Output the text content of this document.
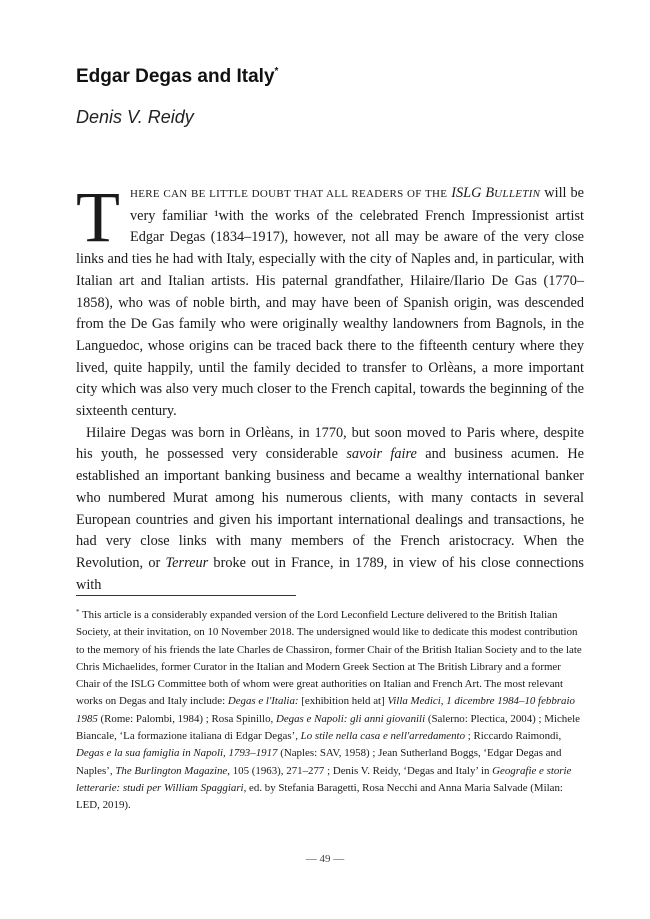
Edgar Degas and Italy*
Denis V. Reidy

THERE CAN BE LITTLE DOUBT THAT ALL READERS OF THE ISLG BULLETIN will be very familiar ¹with the works of the celebrated French Impressionist artist Edgar Degas (1834–1917), however, not all may be aware of the very close links and ties he had with Italy, especially with the city of Naples and, in particular, with Italian art and Italian artists. His paternal grandfather, Hilaire/Ilario De Gas (1770–1858), who was of noble birth, and may have been of Spanish origin, was descended from the De Gas family who were originally wealthy landowners from Bagnols, in the Languedoc, whose origins can be traced back there to the fifteenth century where they lived, quite happily, until the family decided to transfer to Orlèans, a more important city which was also very much closer to the French capital, towards the beginning of the sixteenth century.

Hilaire Degas was born in Orlèans, in 1770, but soon moved to Paris where, despite his youth, he possessed very considerable savoir faire and business acumen. He established an important banking business and became a wealthy international banker who numbered Murat among his numerous clients, with many contacts in several European countries and given his important international dealings and transactions, he had very close links with many members of the French aristocracy. When the Revolution, or Terreur broke out in France, in 1789, in view of his close connections with

* This article is a considerably expanded version of the Lord Leconfield Lecture delivered to the British Italian Society, at their invitation, on 10 November 2018. The undersigned would like to dedicate this modest contribution to the memory of his friends the late Charles de Chassiron, former Chair of the British Italian Society and to the late Chris Michaelides, former Curator in the Italian and Modern Greek Section at The British Library and a former Chair of the ISLG Committee both of whom were great authorities on Italian and French Art. The most relevant works on Degas and Italy include: Degas e l'Italia: [exhibition held at] Villa Medici, 1 dicembre 1984–10 febbraio 1985 (Rome: Palombi, 1984) ; Rosa Spinillo, Degas e Napoli: gli anni giovanili (Salerno: Plectica, 2004) ; Michele Biancale, ‘La formazione italiana di Edgar Degas’, Lo stile nella casa e nell'arredamento ; Riccardo Raimondi, Degas e la sua famiglia in Napoli, 1793–1917 (Naples: SAV, 1958) ; Jean Sutherland Boggs, ‘Edgar Degas and Naples’, The Burlington Magazine, 105 (1963), 271–277 ; Denis V. Reidy, ‘Degas and Italy’ in Geografie e storie letterarie: studi per William Spaggiari, ed. by Stefania Baragetti, Rosa Necchi and Anna Maria Salvade (Milan: LED, 2019).

— 49 —
